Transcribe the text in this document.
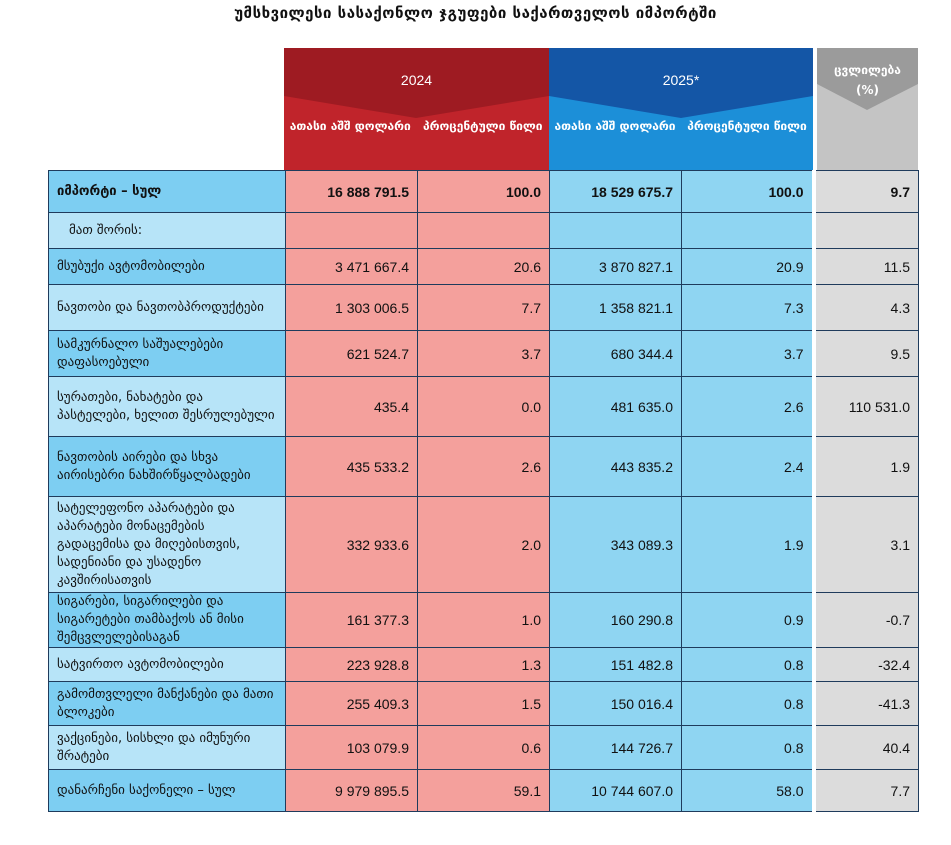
უმსხვილესი სასაქონლო ჯგუფები საქართველოს იმპორტში
2024
ათასი აშშ დოლარი	პროცენტული წილი
2025*
ათასი აშშ დოლარი პროცენტული წილი
ცვლილება (%)
იმპორტი – სულ	16 888 791.5	100.0	18 529 675.7	100.0	9.7
მათ შორის:					
მსუბუქი ავტომობილები	3 471 667.4	20.6	3 870 827.1	20.9	11.5
ნავთობი და ნავთობპროდუქტები	1 303 006.5	7.7	1 358 821.1	7.3	4.3
სამკურნალო საშუალებები დაფასოებული	621 524.7	3.7	680 344.4	3.7	9.5
სურათები, ნახატები და პასტელები, ხელით შესრულებული	435.4	0.0	481 635.0	2.6	110 531.0
ნავთობის აირები და სხვა აირისებრი ნახშირწყალბადები	435 533.2	2.6	443 835.2	2.4	1.9
სატელეფონო აპარატები და აპარატები მონაცემების გადაცემისა და მიღებისთვის, სადენიანი და უსადენო კავშირისათვის	332 933.6	2.0	343 089.3	1.9	3.1
სიგარები, სიგარილები და სიგარეტები თამბაქოს ან მისი შემცვლელებისაგან	161 377.3	1.0	160 290.8	0.9	-0.7
სატვირთო ავტომობილები	223 928.8	1.3	151 482.8	0.8	-32.4
გამომთვლელი მანქანები და მათი ბლოკები	255 409.3	1.5	150 016.4	0.8	-41.3
ვაქცინები, სისხლი და იმუნური შრატები	103 079.9	0.6	144 726.7	0.8	40.4
დანარჩენი საქონელი – სულ	9 979 895.5	59.1	10 744 607.0	58.0	7.7
